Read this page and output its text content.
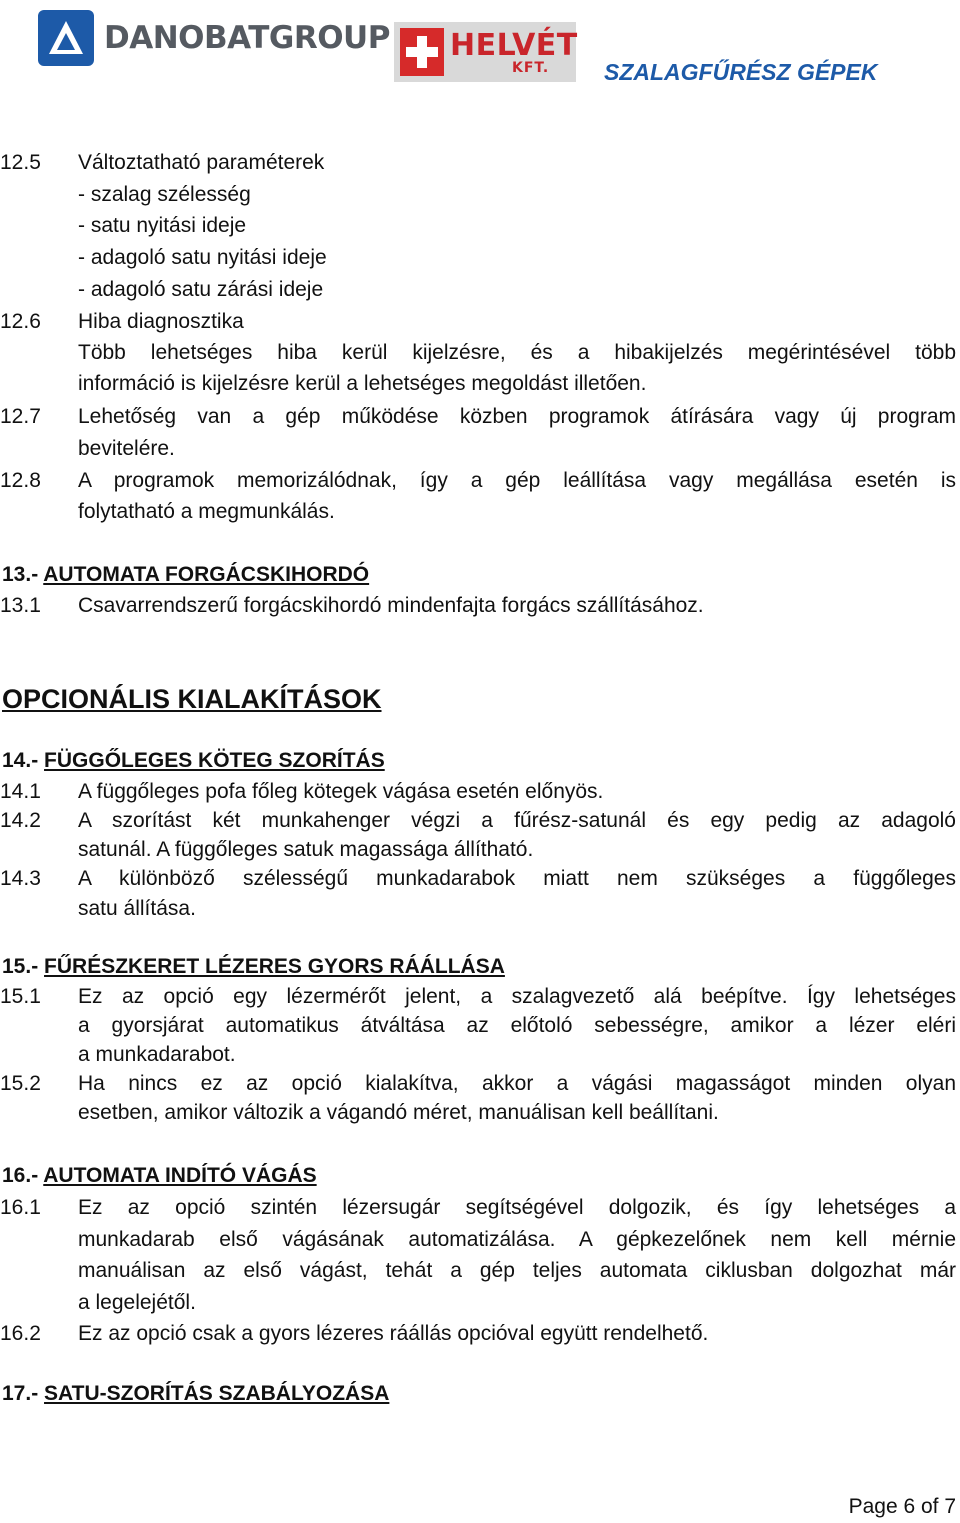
DANOBATGROUP HELVÉT
KFT. SZALAGFŰRÉSZ GÉPEK
12.5 Változtatható paraméterek
- szalag szélesség
- satu nyitási ideje
- adagoló satu nyitási ideje
- adagoló satu zárási ideje
12.6 Hiba diagnosztika
Több lehetséges hiba kerül kijelzésre, és a hibakijelzés megérintésével több
információ is kijelzésre kerül a lehetséges megoldást illetően.
12.7 Lehetőség van a gép működése közben programok átírására vagy új program
bevitelére.
12.8 A programok memorizálódnak, így a gép leállítása vagy megállása esetén is
folytatható a megmunkálás.
13.- AUTOMATA FORGÁCSKIHORDÓ
13.1 Csavarrendszerű forgácskihordó mindenfajta forgács szállításához.
OPCIONÁLIS KIALAKÍTÁSOK
14.- FÜGGŐLEGES KÖTEG SZORÍTÁS
14.1 A függőleges pofa főleg kötegek vágása esetén előnyös.
14.2 A szorítást két munkahenger végzi a fűrész-satunál és egy pedig az adagoló
satunál. A függőleges satuk magassága állítható.
14.3 A különböző szélességű munkadarabok miatt nem szükséges a függőleges
satu állítása.
15.- FŰRÉSZKERET LÉZERES GYORS RÁÁLLÁSA
15.1 Ez az opció egy lézermérőt jelent, a szalagvezető alá beépítve. Így lehetséges
a gyorsjárat automatikus átváltása az előtoló sebességre, amikor a lézer eléri
a munkadarabot.
15.2 Ha nincs ez az opció kialakítva, akkor a vágási magasságot minden olyan
esetben, amikor változik a vágandó méret, manuálisan kell beállítani.
16.- AUTOMATA INDÍTÓ VÁGÁS
16.1 Ez az opció szintén lézersugár segítségével dolgozik, és így lehetséges a
munkadarab első vágásának automatizálása. A gépkezelőnek nem kell mérnie
manuálisan az első vágást, tehát a gép teljes automata ciklusban dolgozhat már
a legelejétől.
16.2 Ez az opció csak a gyors lézeres ráállás opcióval együtt rendelhető.
17.- SATU-SZORÍTÁS SZABÁLYOZÁSA
Page 6 of 7
